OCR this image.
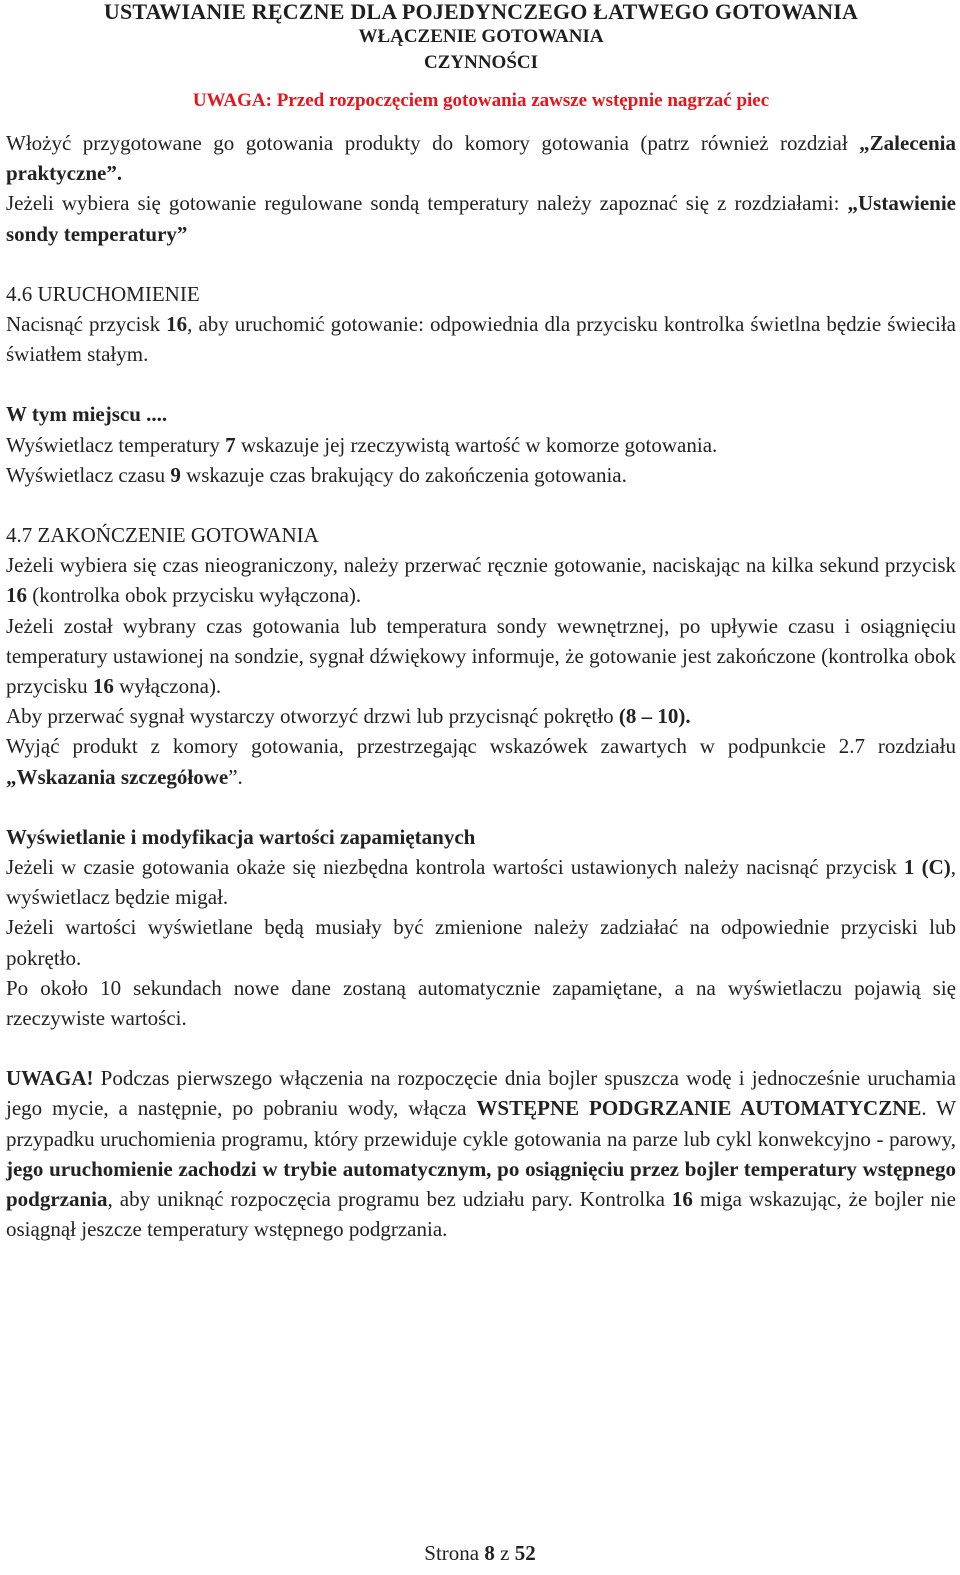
USTAWIANIE RĘCZNE DLA POJEDYNCZEGO ŁATWEGO GOTOWANIA
WŁĄCZENIE GOTOWANIA
CZYNNOŚCI
UWAGA: Przed rozpoczęciem gotowania zawsze wstępnie nagrzać piec

Włożyć przygotowane go gotowania produkty do komory gotowania (patrz również rozdział „Zalecenia praktyczne”.

Jeżeli wybiera się gotowanie regulowane sondą temperatury należy zapoznać się z rozdziałami: „Ustawienie sondy temperatury”

4.6 URUCHOMIENIE

Nacisnąć przycisk 16, aby uruchomić gotowanie: odpowiednia dla przycisku kontrolka świetlna będzie świeciła światłem stałym.

W tym miejscu ....

Wyświetlacz temperatury 7 wskazuje jej rzeczywistą wartość w komorze gotowania.

Wyświetlacz czasu 9 wskazuje czas brakujący do zakończenia gotowania.

4.7 ZAKOŃCZENIE GOTOWANIA

Jeżeli wybiera się czas nieograniczony, należy przerwać ręcznie gotowanie, naciskając na kilka sekund przycisk 16 (kontrolka obok przycisku wyłączona).

Jeżeli został wybrany czas gotowania lub temperatura sondy wewnętrznej, po upływie czasu i osiągnięciu temperatury ustawionej na sondzie, sygnał dźwiękowy informuje, że gotowanie jest zakończone (kontrolka obok przycisku 16 wyłączona).

Aby przerwać sygnał wystarczy otworzyć drzwi lub przycisnąć pokrętło (8 – 10).

Wyjąć produkt z komory gotowania, przestrzegając wskazówek zawartych w podpunkcie 2.7 rozdziału „Wskazania szczegółowe”.

Wyświetlanie i modyfikacja wartości zapamiętanych

Jeżeli w czasie gotowania okaże się niezbędna kontrola wartości ustawionych należy nacisnąć przycisk 1 (C), wyświetlacz będzie migał.

Jeżeli wartości wyświetlane będą musiały być zmienione należy zadziałać na odpowiednie przyciski lub pokrętło.

Po około 10 sekundach nowe dane zostaną automatycznie zapamiętane, a na wyświetlaczu pojawią się rzeczywiste wartości.

UWAGA! Podczas pierwszego włączenia na rozpoczęcie dnia bojler spuszcza wodę i jednocześnie uruchamia jego mycie, a następnie, po pobraniu wody, włącza WSTĘPNE PODGRZANIE AUTOMATYCZNE. W przypadku uruchomienia programu, który przewiduje cykle gotowania na parze lub cykl konwekcyjno - parowy, jego uruchomienie zachodzi w trybie automatycznym, po osiągnięciu przez bojler temperatury wstępnego podgrzania, aby uniknąć rozpoczęcia programu bez udziału pary. Kontrolka 16 miga wskazując, że bojler nie osiągnął jeszcze temperatury wstępnego podgrzania.

Strona 8 z 52
